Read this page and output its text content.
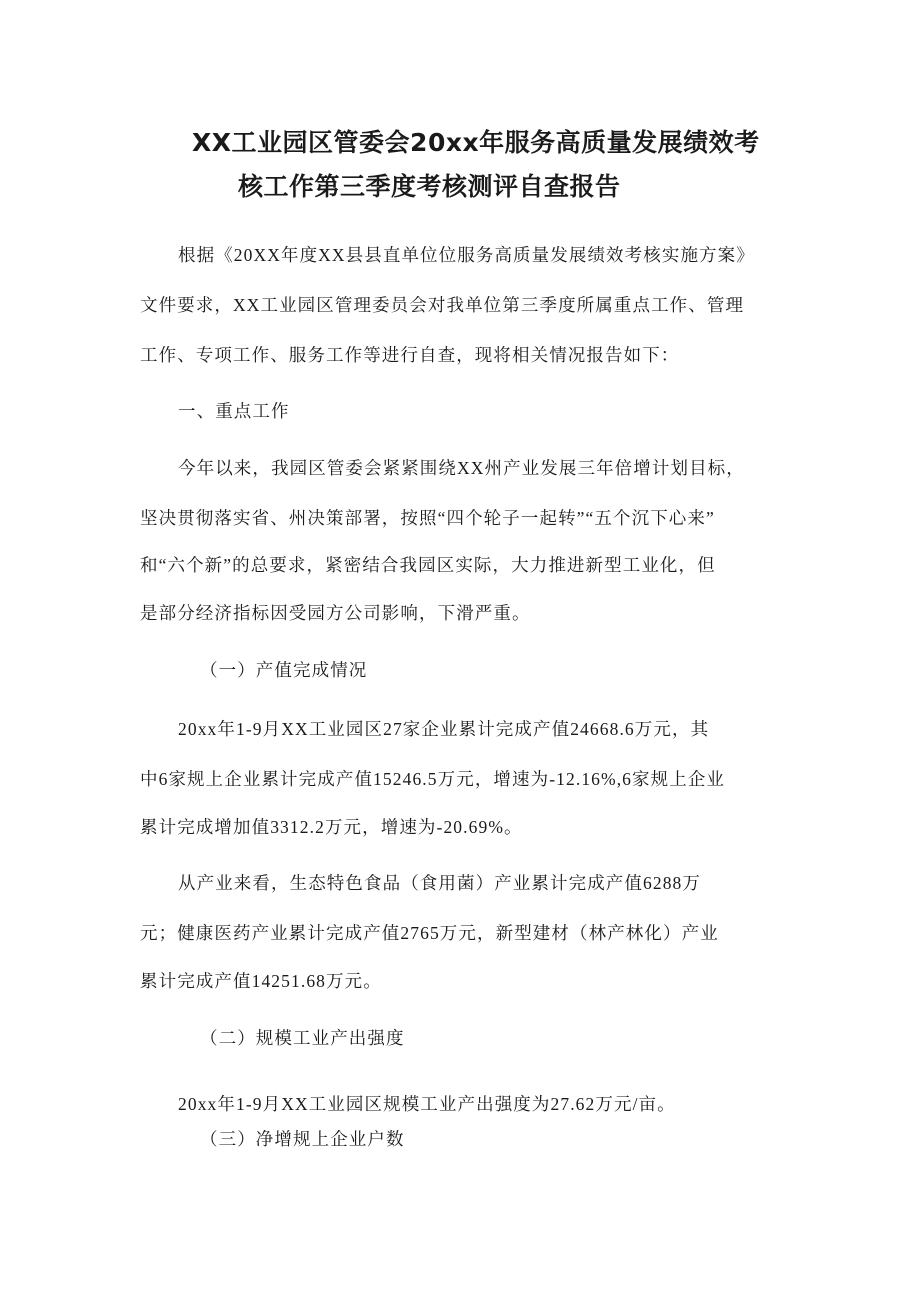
XX工业园区管委会20xx年服务高质量发展绩效考
核工作第三季度考核测评自查报告
根据《20XX年度XX县县直单位位服务高质量发展绩效考核实施方案》
文件要求，XX工业园区管理委员会对我单位第三季度所属重点工作、管理
工作、专项工作、服务工作等进行自查，现将相关情况报告如下：
一、重点工作
今年以来，我园区管委会紧紧围绕XX州产业发展三年倍增计划目标，
坚决贯彻落实省、州决策部署，按照“四个轮子一起转”“五个沉下心来”
和“六个新”的总要求，紧密结合我园区实际，大力推进新型工业化，但
是部分经济指标因受园方公司影响，下滑严重。
（一）产值完成情况
20xx年1-9月XX工业园区27家企业累计完成产值24668.6万元，其
中6家规上企业累计完成产值15246.5万元，增速为-12.16%,6家规上企业
累计完成增加值3312.2万元，增速为-20.69%。
从产业来看，生态特色食品（食用菌）产业累计完成产值6288万
元；健康医药产业累计完成产值2765万元，新型建材（林产林化）产业
累计完成产值14251.68万元。
（二）规模工业产出强度
20xx年1-9月XX工业园区规模工业产出强度为27.62万元/亩。
（三）净增规上企业户数
